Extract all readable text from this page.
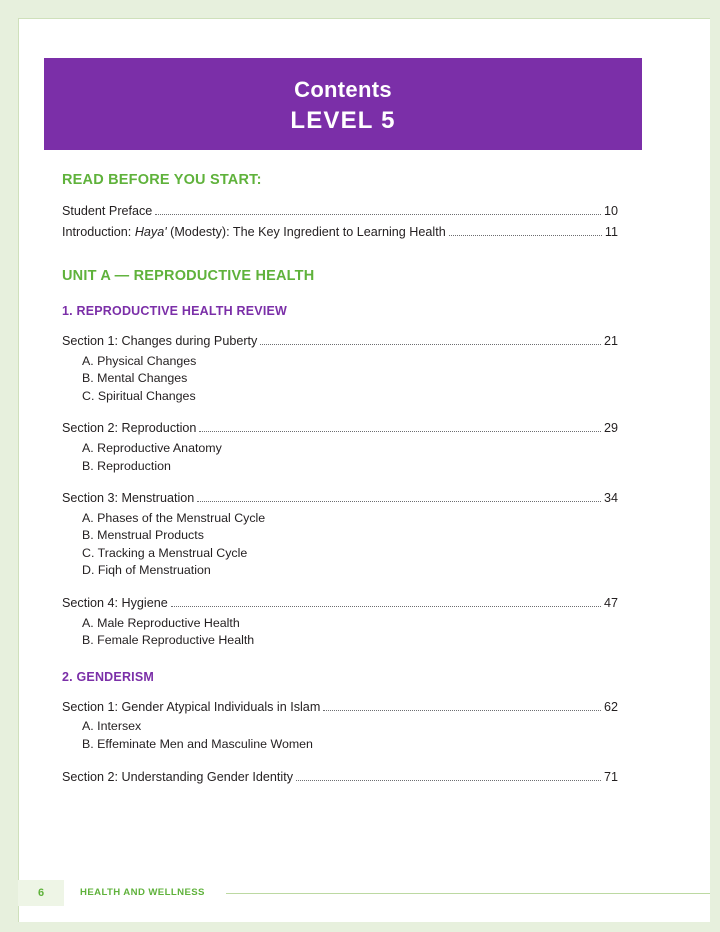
Contents
LEVEL 5
READ BEFORE YOU START:
Student Preface	10
Introduction: Haya' (Modesty): The Key Ingredient to Learning Health	11
UNIT A — REPRODUCTIVE HEALTH
1. REPRODUCTIVE HEALTH REVIEW
Section 1: Changes during Puberty	21
A. Physical Changes
B. Mental Changes
C. Spiritual Changes
Section 2: Reproduction	29
A. Reproductive Anatomy
B. Reproduction
Section 3: Menstruation	34
A. Phases of the Menstrual Cycle
B. Menstrual Products
C. Tracking a Menstrual Cycle
D. Fiqh of Menstruation
Section 4: Hygiene	47
A. Male Reproductive Health
B. Female Reproductive Health
2. GENDERISM
Section 1: Gender Atypical Individuals in Islam	62
A. Intersex
B. Effeminate Men and Masculine Women
Section 2: Understanding Gender Identity	71
6	HEALTH AND WELLNESS
